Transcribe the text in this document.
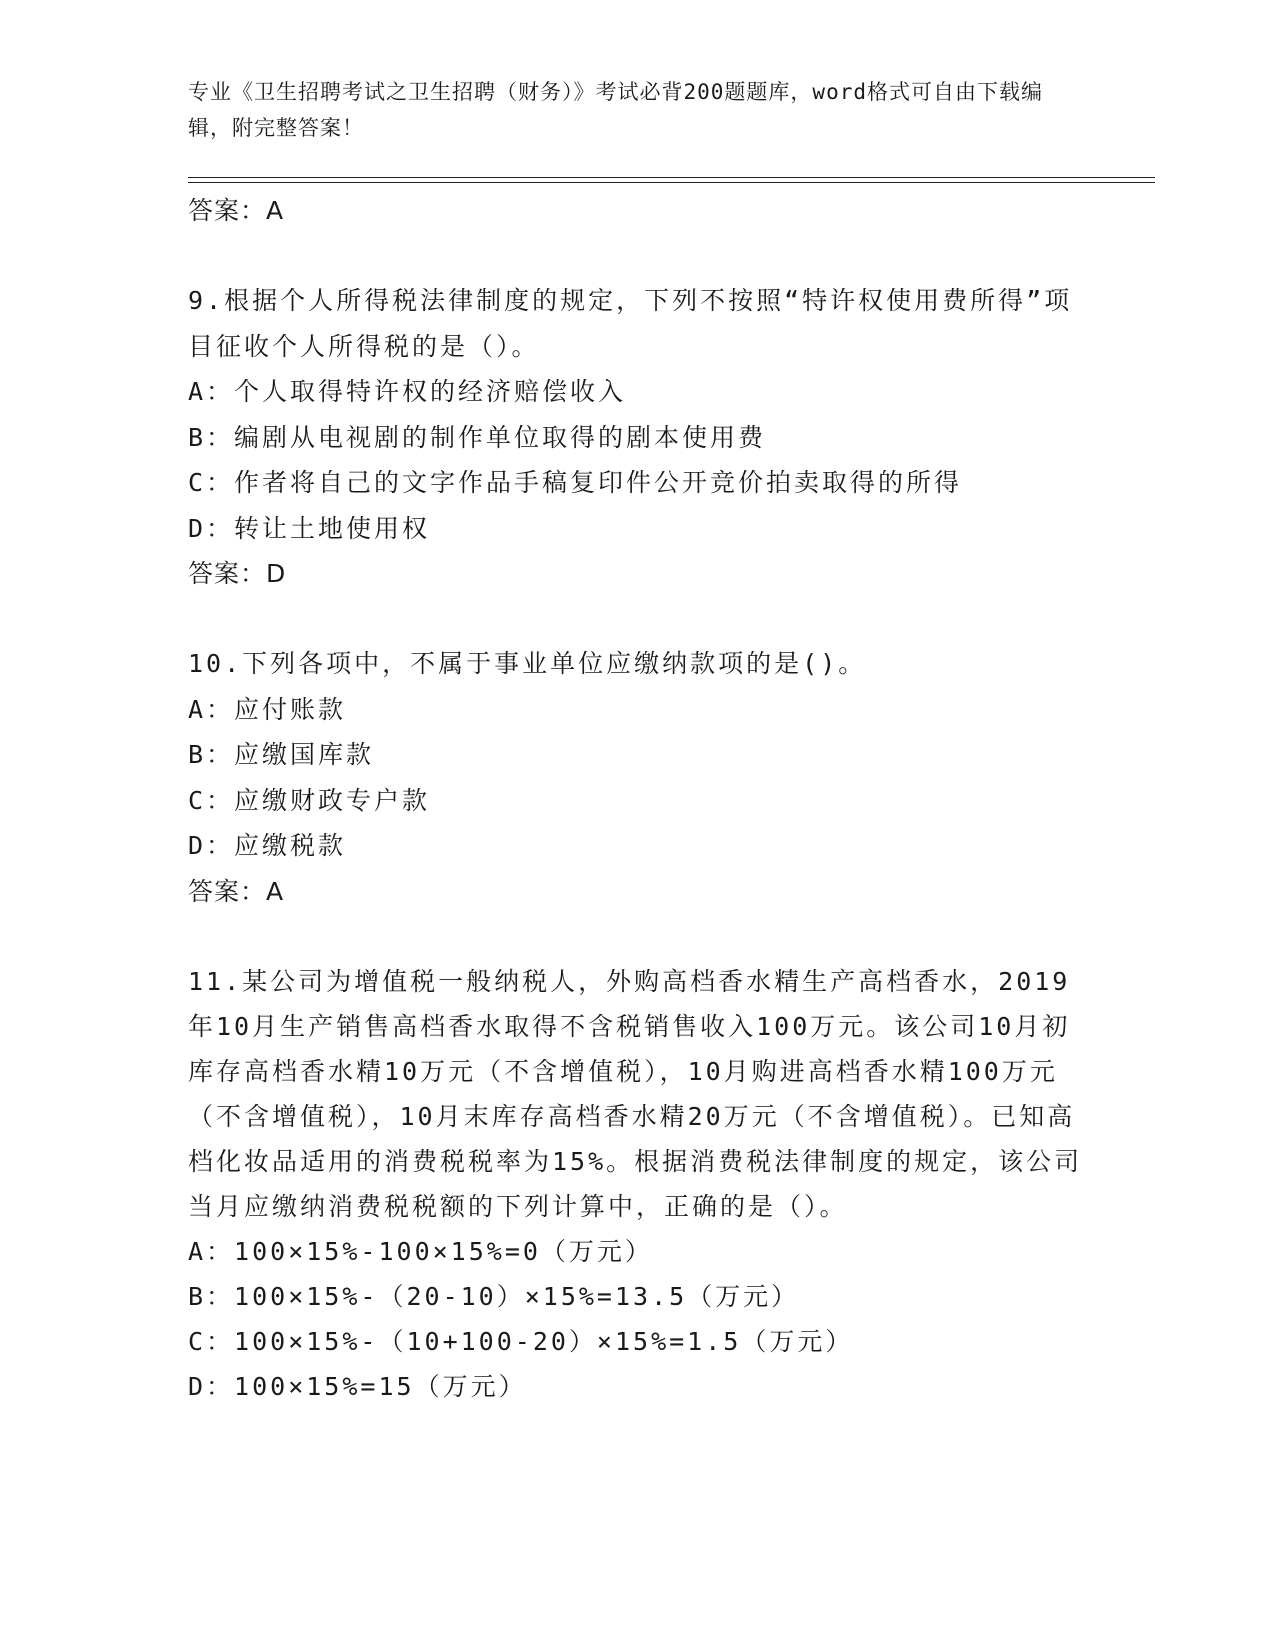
专业《卫生招聘考试之卫生招聘（财务）》考试必背200题题库，word格式可自由下载编辑，附完整答案！
答案：A

9.根据个人所得税法律制度的规定，下列不按照“特许权使用费所得”项目征收个人所得税的是（）。

A：个人取得特许权的经济赔偿收入
B：编剧从电视剧的制作单位取得的剧本使用费
C：作者将自己的文字作品手稿复印件公开竞价拍卖取得的所得
D：转让土地使用权
答案：D

10.下列各项中，不属于事业单位应缴纳款项的是()。

A：应付账款
B：应缴国库款
C：应缴财政专户款
D：应缴税款
答案：A

11.某公司为增值税一般纳税人，外购高档香水精生产高档香水，2019年10月生产销售高档香水取得不含税销售收入100万元。该公司10月初库存高档香水精10万元（不含增值税），10月购进高档香水精100万元（不含增值税），10月末库存高档香水精20万元（不含增值税）。已知高档化妆品适用的消费税税率为15%。根据消费税法律制度的规定，该公司当月应缴纳消费税税额的下列计算中，正确的是（）。

A：100×15%-100×15%=0（万元）
B：100×15%-（20-10）×15%=13.5（万元）
C：100×15%-（10+100-20）×15%=1.5（万元）
D：100×15%=15（万元）
